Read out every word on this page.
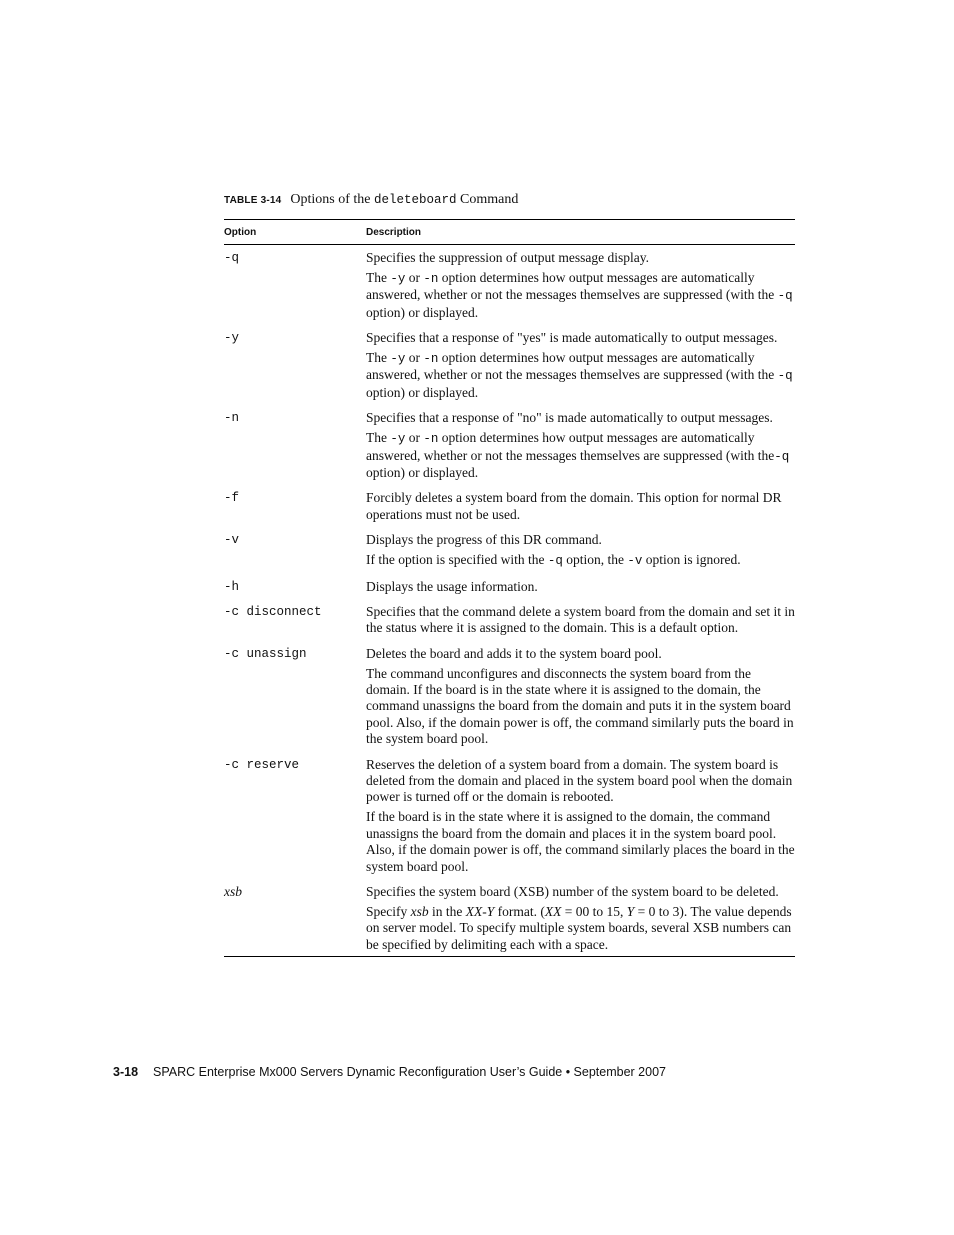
TABLE 3-14 Options of the deleteboard Command
Option	Description
-q	Specifies the suppression of output message display.

The -y or -n option determines how output messages are automatically answered, whether or not the messages themselves are suppressed (with the -q option) or displayed.

-y	Specifies that a response of "yes" is made automatically to output messages.

The -y or -n option determines how output messages are automatically answered, whether or not the messages themselves are suppressed (with the -q option) or displayed.

-n	Specifies that a response of "no" is made automatically to output messages.

The -y or -n option determines how output messages are automatically answered, whether or not the messages themselves are suppressed (with the-q option) or displayed.

-f	Forcibly deletes a system board from the domain. This option for normal DR operations must not be used.

-v	Displays the progress of this DR command.

If the option is specified with the -q option, the -v option is ignored.

-h	Displays the usage information.

-c disconnect	Specifies that the command delete a system board from the domain and set it in the status where it is assigned to the domain. This is a default option.

-c unassign	Deletes the board and adds it to the system board pool.

The command unconfigures and disconnects the system board from the domain. If the board is in the state where it is assigned to the domain, the command unassigns the board from the domain and puts it in the system board pool. Also, if the domain power is off, the command similarly puts the board in the system board pool.

-c reserve	Reserves the deletion of a system board from a domain. The system board is deleted from the domain and placed in the system board pool when the domain power is turned off or the domain is rebooted.

If the board is in the state where it is assigned to the domain, the command unassigns the board from the domain and places it in the system board pool. Also, if the domain power is off, the command similarly places the board in the system board pool.

xsb	Specifies the system board (XSB) number of the system board to be deleted.

Specify xsb in the XX-Y format. (XX = 00 to 15, Y = 0 to 3). The value depends on server model. To specify multiple system boards, several XSB numbers can be specified by delimiting each with a space.

3-18 SPARC Enterprise Mx000 Servers Dynamic Reconfiguration User’s Guide • September 2007
